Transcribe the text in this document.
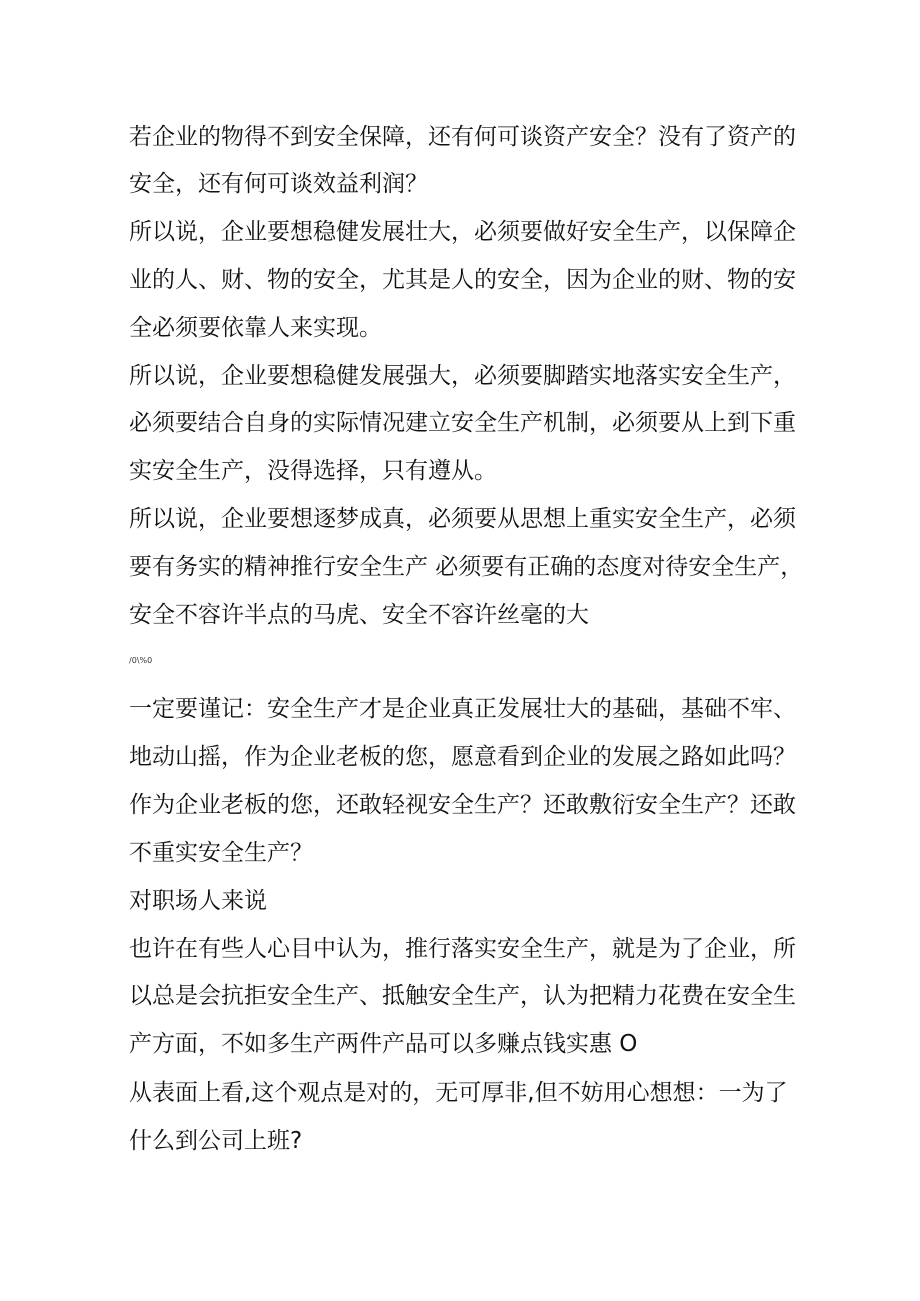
若企业的物得不到安全保障，还有何可谈资产安全？没有了资产的
安全，还有何可谈效益利润？
所以说，企业要想稳健发展壮大，必须要做好安全生产，以保障企
业的人、财、物的安全，尤其是人的安全，因为企业的财、物的安
全必须要依靠人来实现。
所以说，企业要想稳健发展强大，必须要脚踏实地落实安全生产，
必须要结合自身的实际情况建立安全生产机制，必须要从上到下重
实安全生产，没得选择，只有遵从。
所以说，企业要想逐梦成真，必须要从思想上重实安全生产，必须
要有务实的精神推行安全生产 必须要有正确的态度对待安全生产，
安全不容许半点的马虎、安全不容许丝毫的大
/0\%0
一定要谨记：安全生产才是企业真正发展壮大的基础，基础不牢、
地动山摇，作为企业老板的您，愿意看到企业的发展之路如此吗？
作为企业老板的您，还敢轻视安全生产？还敢敷衍安全生产？还敢
不重实安全生产？
对职场人来说
也许在有些人心目中认为，推行落实安全生产，就是为了企业，所
以总是会抗拒安全生产、抵触安全生产，认为把精力花费在安全生
产方面，不如多生产两件产品可以多赚点钱实惠 O
从表面上看,这个观点是对的，无可厚非,但不妨用心想想：一为了
什么到公司上班?
